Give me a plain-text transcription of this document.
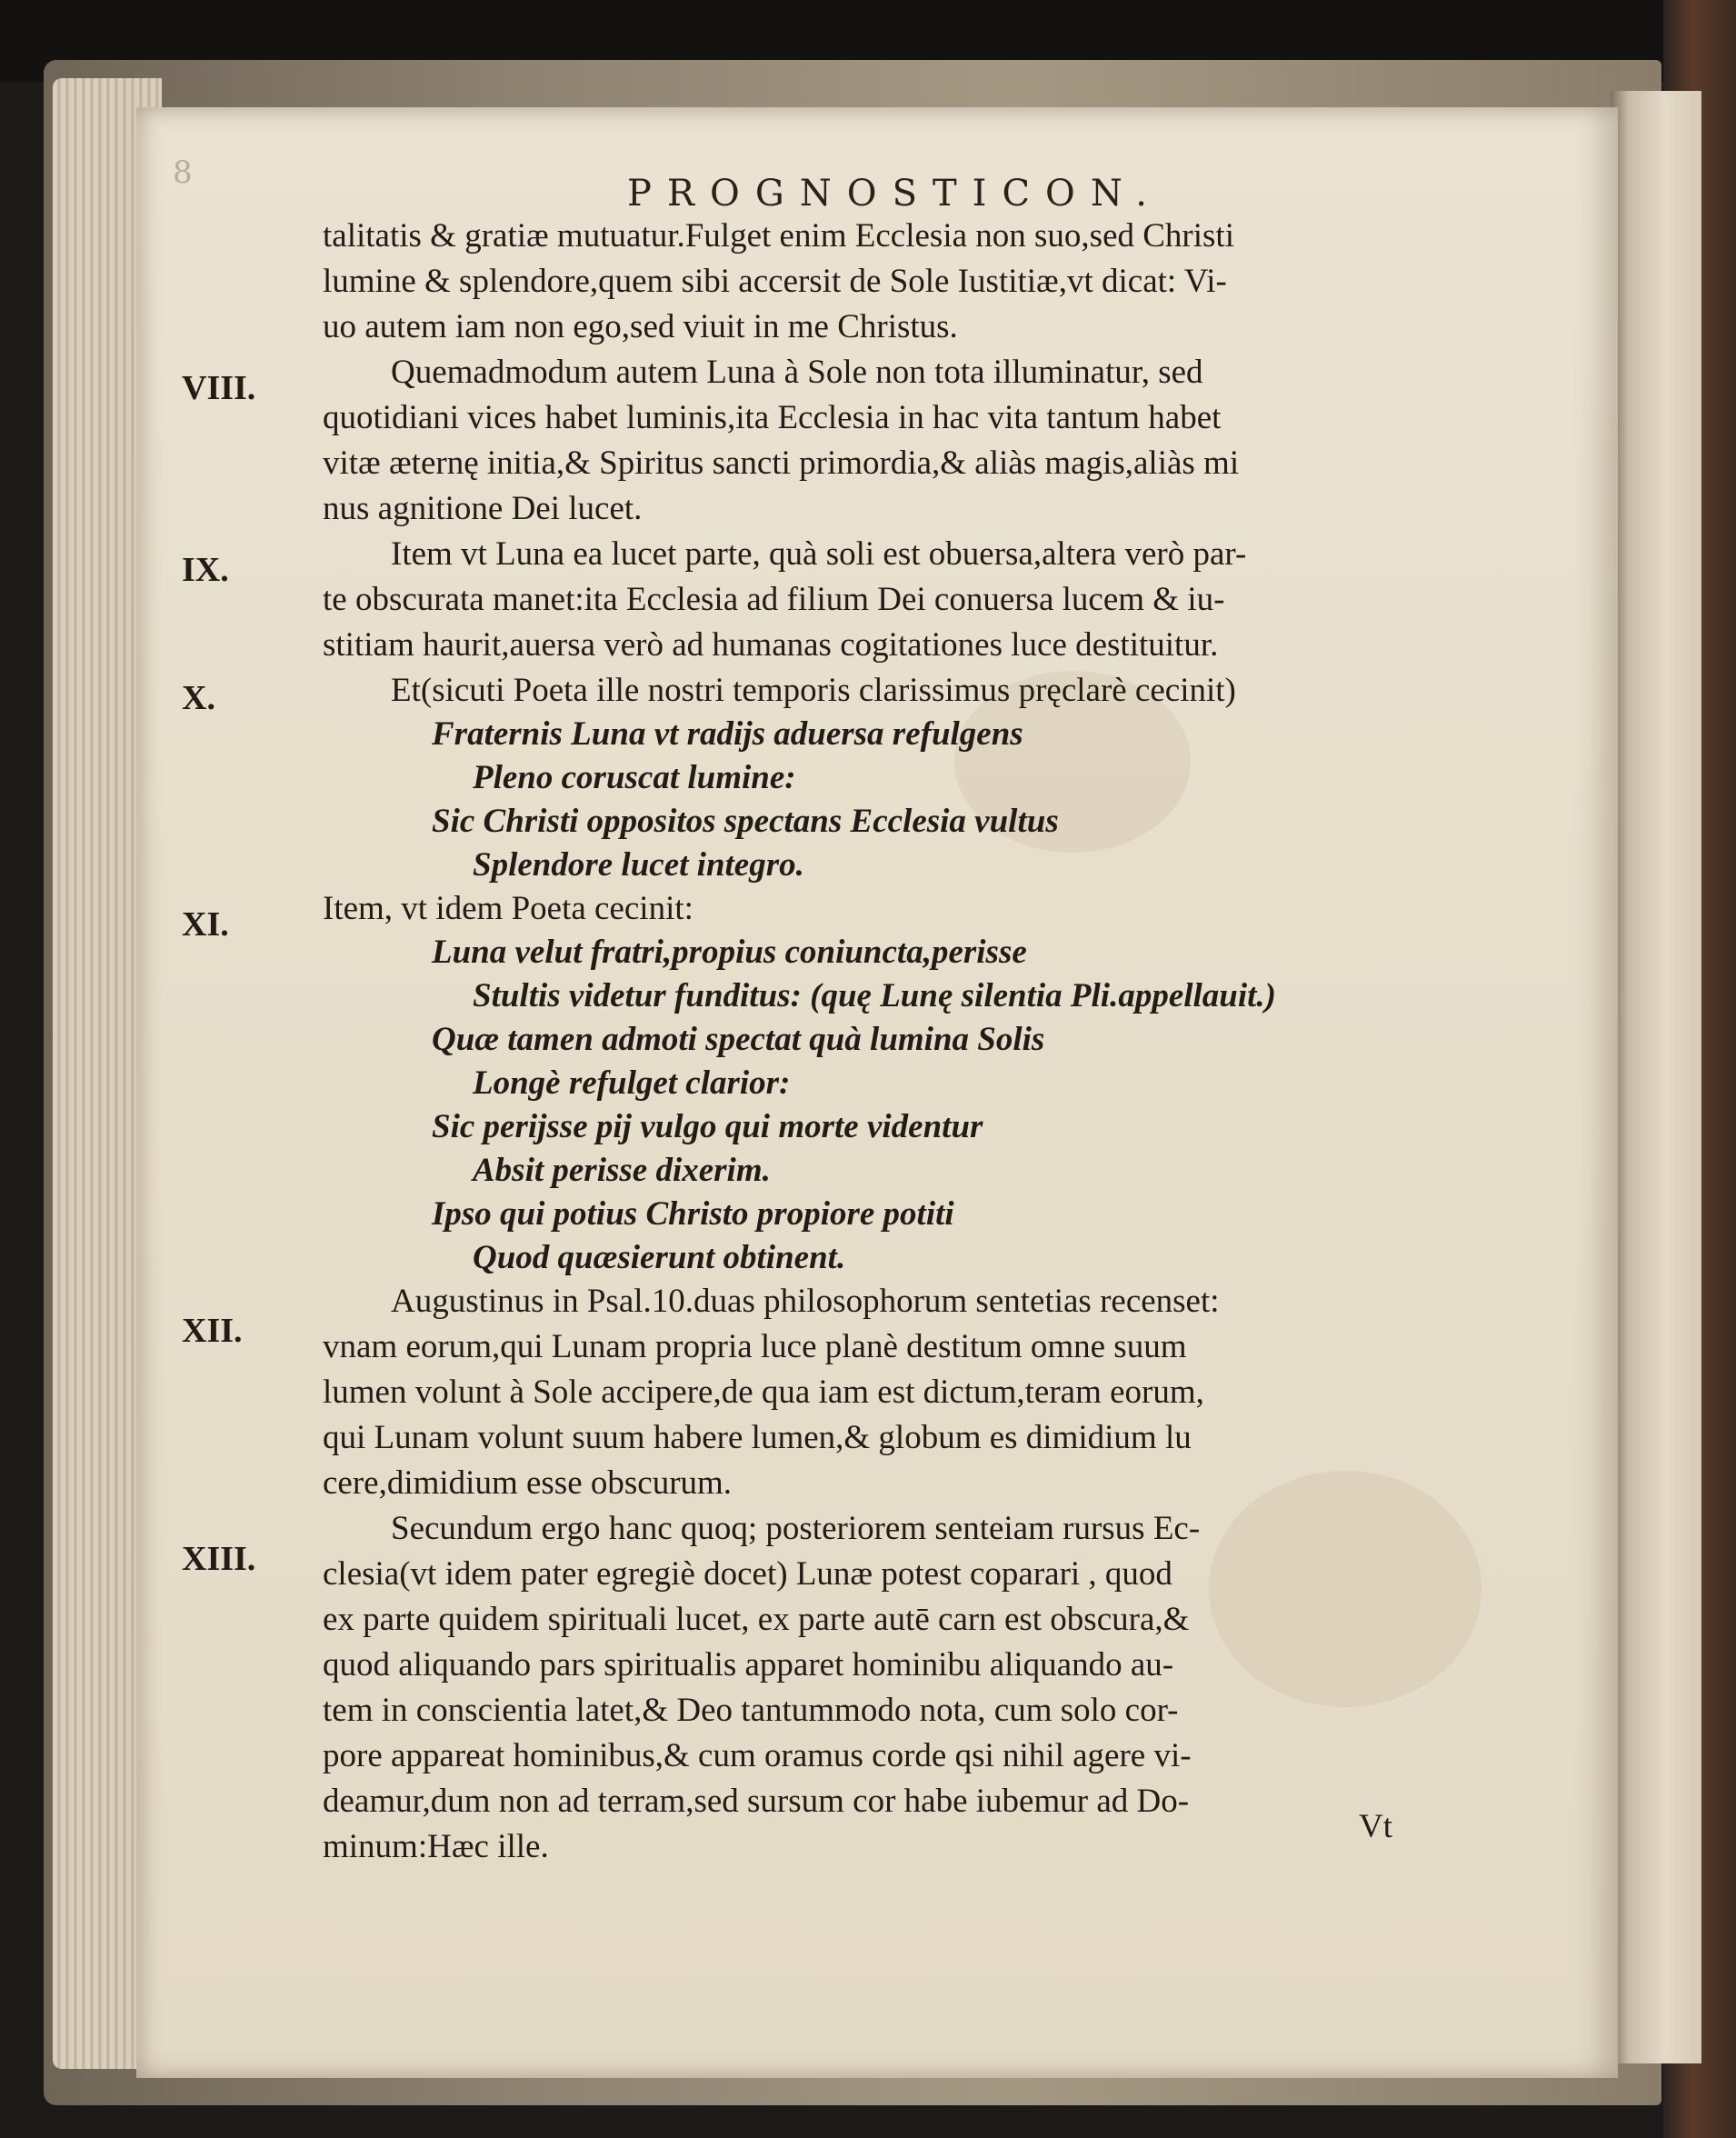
8	PROGNOSTICON.
VIII.
IX.
X.
XI.
XII.
XIII.
talitatis & gratiæ mutuatur.Fulget enim Ecclesia non suo,sed Christi
lumine & splendore,quem sibi accersit de Sole Iustitiæ,vt dicat: Vi-
uo autem iam non ego,sed viuit in me Christus.
Quemadmodum autem Luna à Sole non tota illuminatur, sed
quotidiani vices habet luminis,ita Ecclesia in hac vita tantum habet
vitæ æternę initia,& Spiritus sancti primordia,& aliàs magis,aliàs mi
nus agnitione Dei lucet.
Item vt Luna ea lucet parte, quà soli est obuersa,altera verò par-
te obscurata manet:ita Ecclesia ad filium Dei conuersa lucem & iu-
stitiam haurit,auersa verò ad humanas cogitationes luce destituitur.
Et(sicuti Poeta ille nostri temporis clarissimus pręclarè cecinit)
Fraternis Luna vt radijs aduersa refulgens
Pleno coruscat lumine:
Sic Christi oppositos spectans Ecclesia vultus
Splendore lucet integro.
Item, vt idem Poeta cecinit:
Luna velut fratri,propius coniuncta,perisse
Stultis videtur funditus: (quę Lunę silentia Pli.appellauit.)
Quæ tamen admoti spectat quà lumina Solis
Longè refulget clarior:
Sic perijsse pij vulgo qui morte videntur
Absit perisse dixerim.
Ipso qui potius Christo propiore potiti
Quod quæsierunt obtinent.
Augustinus in Psal.10.duas philosophorum sentetias recenset:
vnam eorum,qui Lunam propria luce planè destitum omne suum
lumen volunt à Sole accipere,de qua iam est dictum,teram eorum,
qui Lunam volunt suum habere lumen,& globum es dimidium lu
cere,dimidium esse obscurum.
Secundum ergo hanc quoq; posteriorem senteiam rursus Ec-
clesia(vt idem pater egregiè docet) Lunæ potest coparari , quod
ex parte quidem spirituali lucet, ex parte autē carn est obscura,&
quod aliquando pars spiritualis apparet hominibu aliquando au-
tem in conscientia latet,& Deo tantummodo nota, cum solo cor-
pore appareat hominibus,& cum oramus corde qsi nihil agere vi-
deamur,dum non ad terram,sed sursum cor habe iubemur ad Do-
minum:Hæc ille.
Vt
